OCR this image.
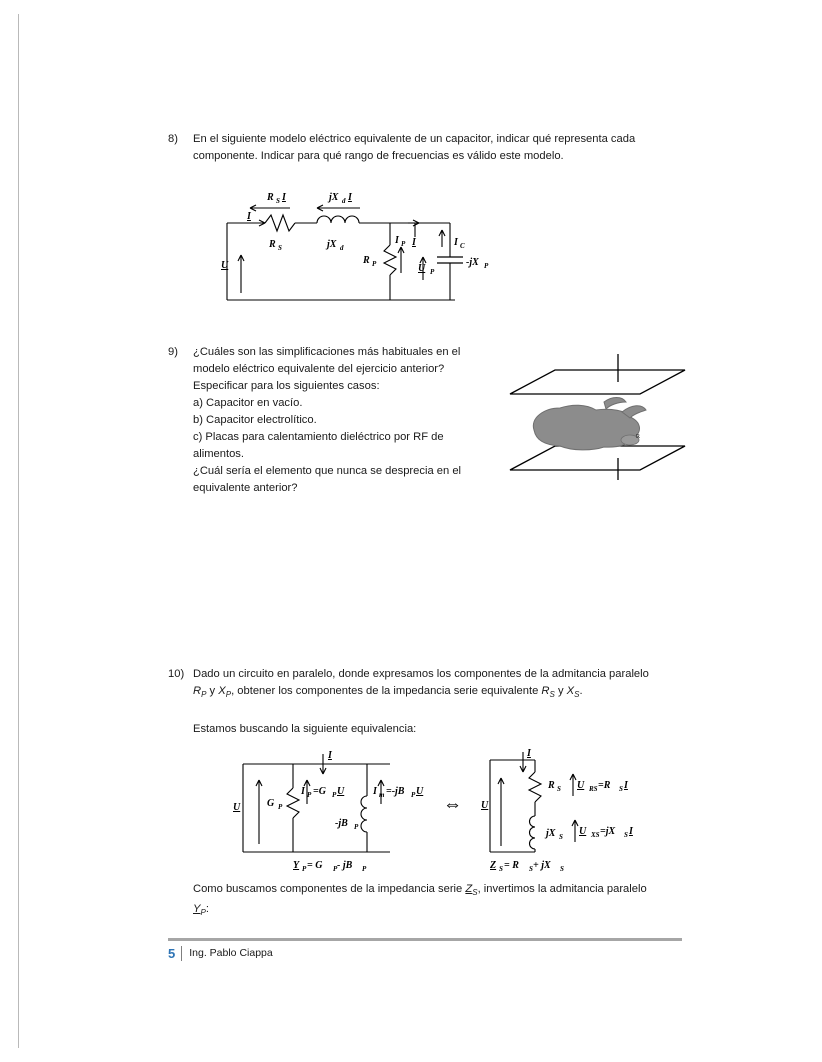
8) En el siguiente modelo eléctrico equivalente de un capacitor, indicar qué representa cada
componente. Indicar para qué rango de frecuencias es válido este modelo.
R S I	jX d I
I
R S	jX d	I
U	R P
I P
U P
-jX P
I C
9) ¿Cuáles son las simplificaciones más habituales en el
modelo eléctrico equivalente del ejercicio anterior?
Especificar para los siguientes casos:
a) Capacitor en vacío.
b) Capacitor electrolítico.
c) Placas para calentamiento dieléctrico por RF de
alimentos.
¿Cuál sería el elemento que nunca se desprecia en el
equivalente anterior?
R
10) Dado un circuito en paralelo, donde expresamos los componentes de la admitancia paralelo
$R_P$ y $X_P$, obtener los componentes de la impedancia serie equivalente $R_S$ y $X_S$.
Estamos buscando la siguiente equivalencia:
U
I
G P
I P =G P U
-jB P
I m =-jB P U
Y P = G P - jB P
⇔ U
I
R S U RS =R S I
jX S U XS =jX S I
Z S = R S + jX S
Como buscamos componentes de la impedancia serie $Z_S$, invertimos la admitancia paralelo
$Y_P$:
5	Ing. Pablo Ciappa
